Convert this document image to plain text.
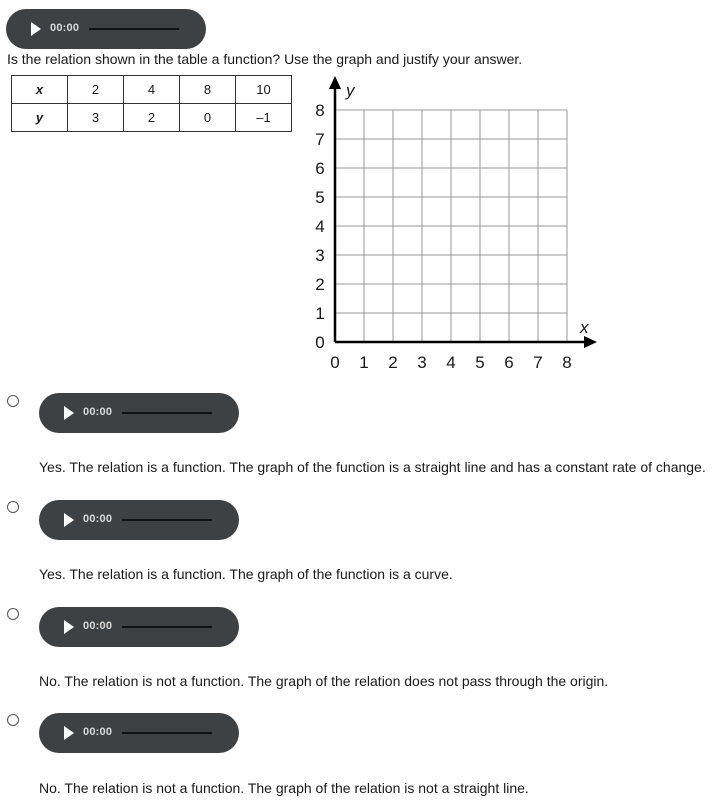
00:00
Is the relation shown in the table a function? Use the graph and justify your answer.
x	2	4	8	10
y	3	2	0	–1
0 1 2 3 4 5 6 7 8
0
1
2
3
4
5
6
7
8
x
y
00:00
Yes. The relation is a function. The graph of the function is a straight line and has a constant rate of change.
00:00
Yes. The relation is a function. The graph of the function is a curve.
00:00
No. The relation is not a function. The graph of the relation does not pass through the origin.
00:00
No. The relation is not a function. The graph of the relation is not a straight line.
